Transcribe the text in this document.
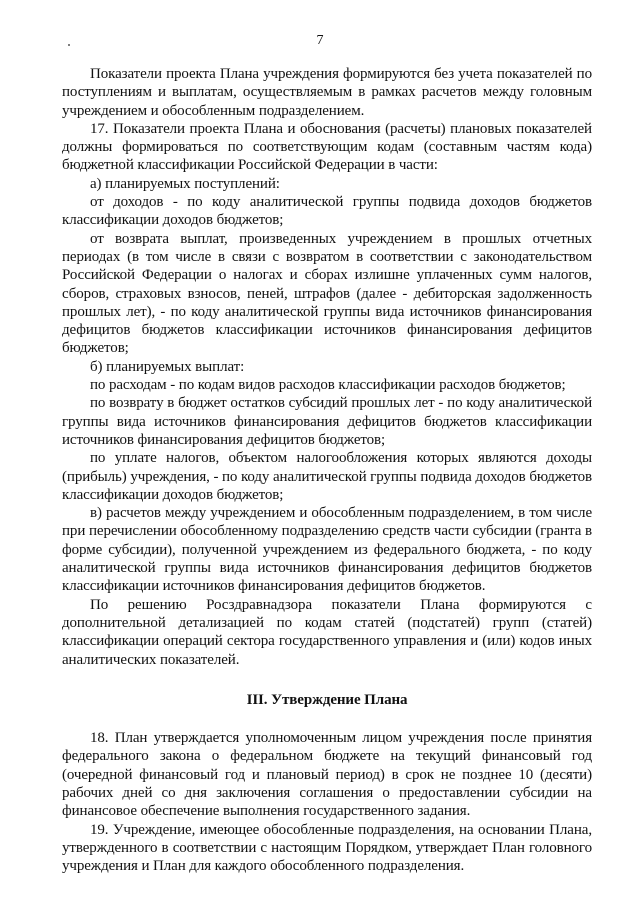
7

Показатели проекта Плана учреждения формируются без учета показателей по поступлениям и выплатам, осуществляемым в рамках расчетов между головным учреждением и обособленным подразделением.

17. Показатели проекта Плана и обоснования (расчеты) плановых показателей должны формироваться по соответствующим кодам (составным частям кода) бюджетной классификации Российской Федерации в части:

а) планируемых поступлений:

от доходов - по коду аналитической группы подвида доходов бюджетов классификации доходов бюджетов;

от возврата выплат, произведенных учреждением в прошлых отчетных периодах (в том числе в связи с возвратом в соответствии с законодательством Российской Федерации о налогах и сборах излишне уплаченных сумм налогов, сборов, страховых взносов, пеней, штрафов (далее - дебиторская задолженность прошлых лет), - по коду аналитической группы вида источников финансирования дефицитов бюджетов классификации источников финансирования дефицитов бюджетов;

б) планируемых выплат:

по расходам - по кодам видов расходов классификации расходов бюджетов;

по возврату в бюджет остатков субсидий прошлых лет - по коду аналитической группы вида источников финансирования дефицитов бюджетов классификации источников финансирования дефицитов бюджетов;

по уплате налогов, объектом налогообложения которых являются доходы (прибыль) учреждения, - по коду аналитической группы подвида доходов бюджетов классификации доходов бюджетов;

в) расчетов между учреждением и обособленным подразделением, в том числе при перечислении обособленному подразделению средств части субсидии (гранта в форме субсидии), полученной учреждением из федерального бюджета, - по коду аналитической группы вида источников финансирования дефицитов бюджетов классификации источников финансирования дефицитов бюджетов.

По решению Росздравнадзора показатели Плана формируются с дополнительной детализацией по кодам статей (подстатей) групп (статей) классификации операций сектора государственного управления и (или) кодов иных аналитических показателей.

III. Утверждение Плана

18. План утверждается уполномоченным лицом учреждения после принятия федерального закона о федеральном бюджете на текущий финансовый год (очередной финансовый год и плановый период) в срок не позднее 10 (десяти) рабочих дней со дня заключения соглашения о предоставлении субсидии на финансовое обеспечение выполнения государственного задания.

19. Учреждение, имеющее обособленные подразделения, на основании Плана, утвержденного в соответствии с настоящим Порядком, утверждает План головного учреждения и План для каждого обособленного подразделения.
